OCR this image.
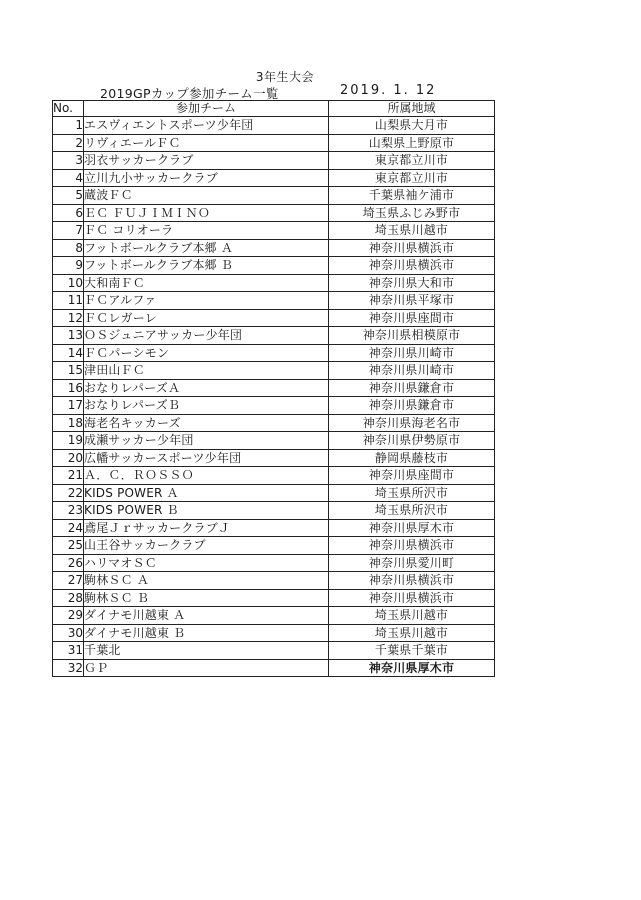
3年生大会
2019GPカップ参加チーム一覧	2019. 1. 12
No.	参加チーム	所属地域
1	エスヴィエントスポーツ少年団	山梨県大月市
2	リヴィエールＦＣ	山梨県上野原市
3	羽衣サッカークラブ	東京都立川市
4	立川九小サッカークラブ	東京都立川市
5	蔵波ＦＣ	千葉県袖ケ浦市
6	ＥＣ ＦＵＪＩＭＩＮＯ	埼玉県ふじみ野市
7	ＦＣ コリオーラ	埼玉県川越市
8	フットボールクラブ本郷 Ａ	神奈川県横浜市
9	フットボールクラブ本郷 Ｂ	神奈川県横浜市
10	大和南ＦＣ	神奈川県大和市
11	ＦＣアルファ	神奈川県平塚市
12	ＦＣレガーレ	神奈川県座間市
13	ＯＳジュニアサッカー少年団	神奈川県相模原市
14	ＦＣパーシモン	神奈川県川崎市
15	津田山ＦＣ	神奈川県川崎市
16	おなりレパーズＡ	神奈川県鎌倉市
17	おなりレパーズＢ	神奈川県鎌倉市
18	海老名キッカーズ	神奈川県海老名市
19	成瀬サッカー少年団	神奈川県伊勢原市
20	広幡サッカースポーツ少年団	静岡県藤枝市
21	Ａ．Ｃ．ＲＯＳＳＯ	神奈川県座間市
22	KIDS POWER Ａ	埼玉県所沢市
23	KIDS POWER Ｂ	埼玉県所沢市
24	鳶尾ＪｒサッカークラブＪ	神奈川県厚木市
25	山王谷サッカークラブ	神奈川県横浜市
26	ハリマオＳＣ	神奈川県愛川町
27	駒林ＳＣ Ａ	神奈川県横浜市
28	駒林ＳＣ Ｂ	神奈川県横浜市
29	ダイナモ川越東 Ａ	埼玉県川越市
30	ダイナモ川越東 Ｂ	埼玉県川越市
31	千葉北	千葉県千葉市
32	ＧＰ	神奈川県厚木市
